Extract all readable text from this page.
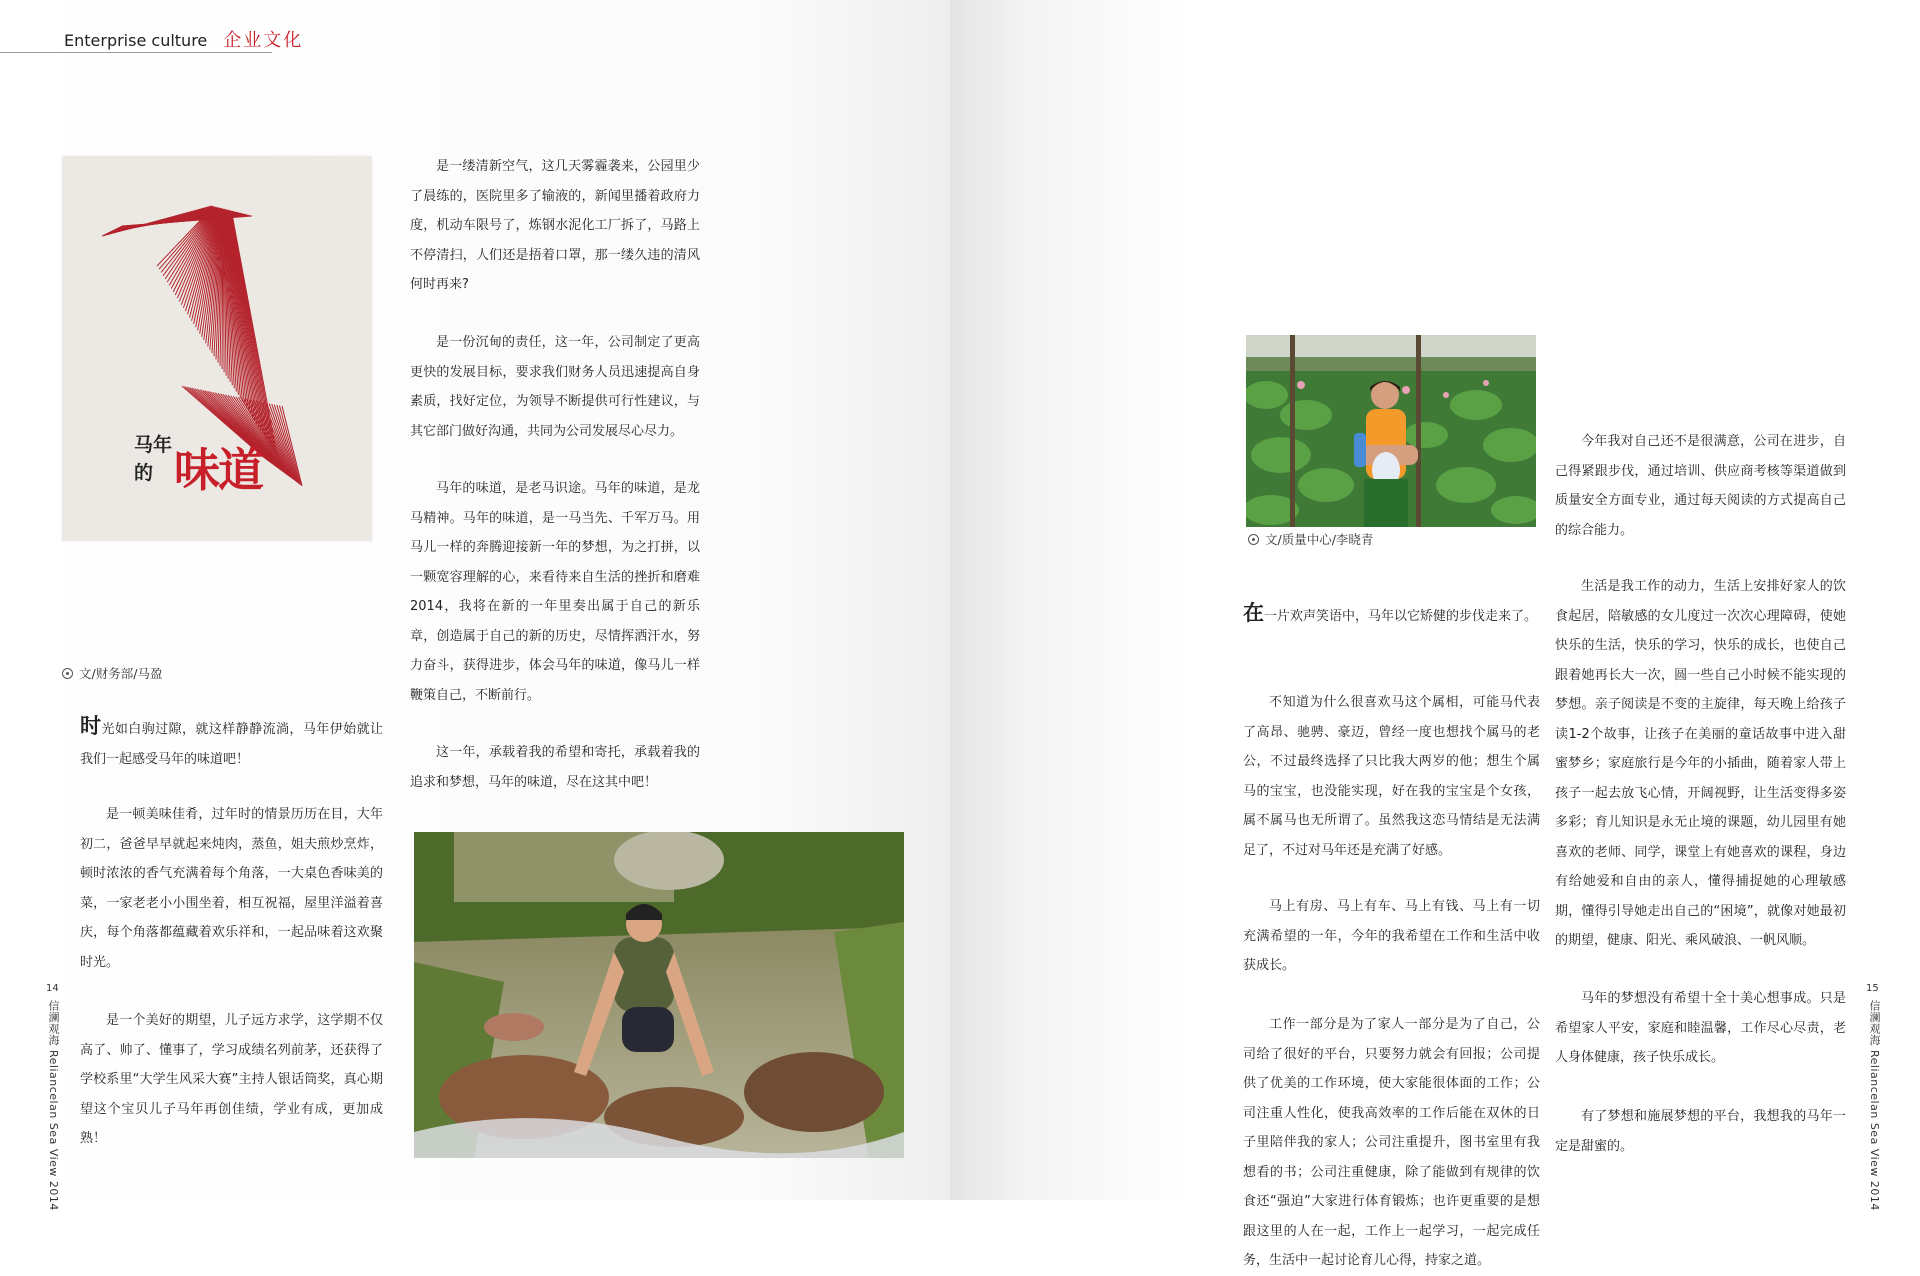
Enterprise culture 企业文化
马年
的 味道
文/财务部/马盈

时光如白驹过隙，就这样静静流淌，马年伊始就让我们一起感受马年的味道吧！

是一顿美味佳肴，过年时的情景历历在目，大年初二，爸爸早早就起来炖肉，蒸鱼，姐夫煎炒烹炸，顿时浓浓的香气充满着每个角落，一大桌色香味美的菜，一家老老小小围坐着，相互祝福，屋里洋溢着喜庆，每个角落都蕴藏着欢乐祥和，一起品味着这欢聚时光。

是一个美好的期望，儿子远方求学，这学期不仅高了、帅了、懂事了，学习成绩名列前茅，还获得了学校系里“大学生风采大赛”主持人银话筒奖，真心期望这个宝贝儿子马年再创佳绩，学业有成，更加成熟！

是一缕清新空气，这几天雾霾袭来，公园里少了晨练的，医院里多了输液的，新闻里播着政府力度，机动车限号了，炼钢水泥化工厂拆了，马路上不停清扫，人们还是捂着口罩，那一缕久违的清风何时再来?

是一份沉甸的责任，这一年，公司制定了更高更快的发展目标，要求我们财务人员迅速提高自身素质，找好定位，为领导不断提供可行性建议，与其它部门做好沟通，共同为公司发展尽心尽力。

马年的味道，是老马识途。马年的味道，是龙马精神。马年的味道，是一马当先、千军万马。用马儿一样的奔腾迎接新一年的梦想，为之打拼，以一颗宽容理解的心，来看待来自生活的挫折和磨难2014，我将在新的一年里奏出属于自己的新乐章，创造属于自己的新的历史，尽情挥洒汗水，努力奋斗，获得进步，体会马年的味道，像马儿一样鞭策自己，不断前行。

这一年，承载着我的希望和寄托，承载着我的追求和梦想，马年的味道，尽在这其中吧！

14
信澜观海 Reliancelan Sea View 2014
文/质量中心/李晓青

在一片欢声笑语中，马年以它矫健的步伐走来了。

不知道为什么很喜欢马这个属相，可能马代表了高昂、驰骋、豪迈，曾经一度也想找个属马的老公，不过最终选择了只比我大两岁的他；想生个属马的宝宝，也没能实现，好在我的宝宝是个女孩，属不属马也无所谓了。虽然我这恋马情结是无法满足了，不过对马年还是充满了好感。

马上有房、马上有车、马上有钱、马上有一切充满希望的一年，今年的我希望在工作和生活中收获成长。

工作一部分是为了家人一部分是为了自己，公司给了很好的平台，只要努力就会有回报；公司提供了优美的工作环境，使大家能很体面的工作；公司注重人性化，使我高效率的工作后能在双休的日子里陪伴我的家人；公司注重提升，图书室里有我想看的书；公司注重健康，除了能做到有规律的饮食还“强迫”大家进行体育锻炼；也许更重要的是想跟这里的人在一起，工作上一起学习，一起完成任务，生活中一起讨论育儿心得，持家之道。

今年我对自己还不是很满意，公司在进步，自己得紧跟步伐，通过培训、供应商考核等渠道做到质量安全方面专业，通过每天阅读的方式提高自己的综合能力。

生活是我工作的动力，生活上安排好家人的饮食起居，陪敏感的女儿度过一次次心理障碍，使她快乐的生活，快乐的学习，快乐的成长，也使自己跟着她再长大一次，圆一些自己小时候不能实现的梦想。亲子阅读是不变的主旋律，每天晚上给孩子读1-2个故事，让孩子在美丽的童话故事中进入甜蜜梦乡；家庭旅行是今年的小插曲，随着家人带上孩子一起去放飞心情，开阔视野，让生活变得多姿多彩；育儿知识是永无止境的课题，幼儿园里有她喜欢的老师、同学，课堂上有她喜欢的课程，身边有给她爱和自由的亲人，懂得捕捉她的心理敏感期，懂得引导她走出自己的“困境”，就像对她最初的期望，健康、阳光、乘风破浪、一帆风顺。

马年的梦想没有希望十全十美心想事成。只是希望家人平安，家庭和睦温馨，工作尽心尽责，老人身体健康，孩子快乐成长。

有了梦想和施展梦想的平台，我想我的马年一定是甜蜜的。

15
信澜观海 Reliancelan Sea View 2014
